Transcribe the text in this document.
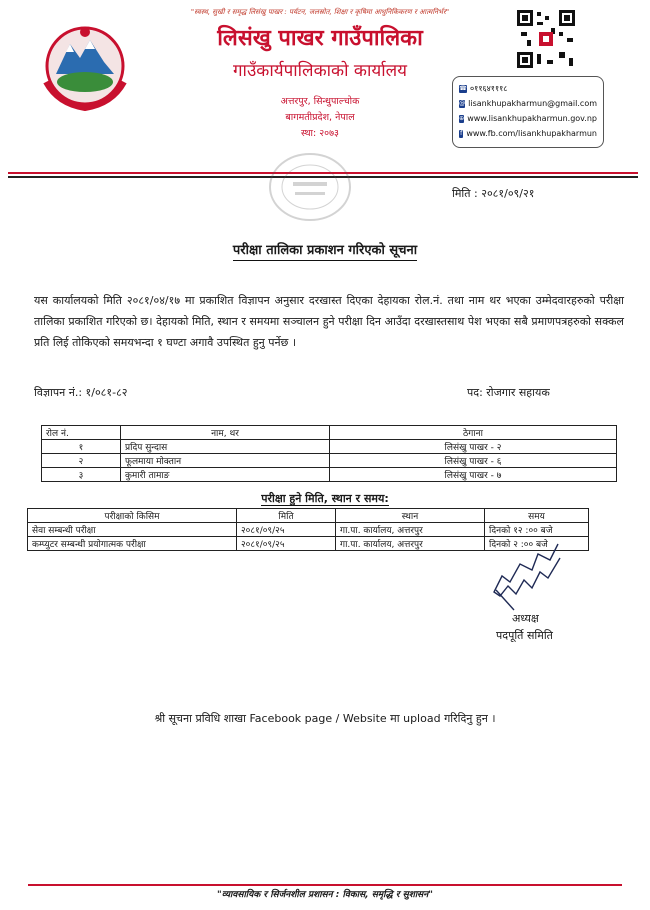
"स्वस्थ, सुखी र समृद्ध लिसंखु पाखर : पर्यटन, जलस्रोत, शिक्षा र कृषिमा आधुनिकिकरण र आत्मनिर्भर"
लिसंखु पाखर गाउँपालिका
गाउँकार्यपालिकाको कार्यालय
अत्तरपुर, सिन्धुपाल्चोक
बागमतीप्रदेश, नेपाल
स्था: २०७३
☎ ०११६४१११८
@ lisankhupakharmun@gmail.com
⊕ www.lisankhupakharmun.gov.np
f www.fb.com/lisankhupakharmun
मिति : २०८१/०९/२१
परीक्षा तालिका प्रकाशन गरिएको सूचना
यस कार्यालयको मिति २०८१/०४/१७ मा प्रकाशित विज्ञापन अनुसार दरखास्त दिएका देहायका रोल.नं. तथा नाम थर भएका उम्मेदवारहरुको परीक्षा तालिका प्रकाशित गरिएको छ। देहायको मिति, स्थान र समयमा सञ्चालन हुने परीक्षा दिन आउँदा दरखास्तसाथ पेश भएका सबै प्रमाणपत्रहरुको सक्कल प्रति लिई तोकिएको समयभन्दा १ घण्टा अगावै उपस्थित हुनु पर्नेछ ।
विज्ञापन नं.: १/०८१-८२	पद: रोजगार सहायक
रोल नं.	नाम, थर	ठेगाना
१	प्रदिप सुन्दास	लिसंखु पाखर - २
२	फूलमाया मोक्तान	लिसंखु पाखर - ६
३	कुमारी तामाङ	लिसंखु पाखर - ७
परीक्षा हुने मिति, स्थान र समय:
परीक्षाको किसिम	मिति	स्थान	समय
सेवा सम्बन्धी परीक्षा	२०८१/०९/२५	गा.पा. कार्यालय, अत्तरपुर	दिनको १२ :०० बजे
कम्प्युटर सम्बन्धी प्रयोगात्मक परीक्षा	२०८१/०९/२५	गा.पा. कार्यालय, अत्तरपुर	दिनको २ :०० बजे
अध्यक्ष
पदपूर्ति समिति
श्री सूचना प्रविधि शाखा Facebook page / Website मा upload गरिदिनु हुन ।
"व्यावसायिक र सिर्जनशील प्रशासन : विकास, समृद्धि र सुशासन"
